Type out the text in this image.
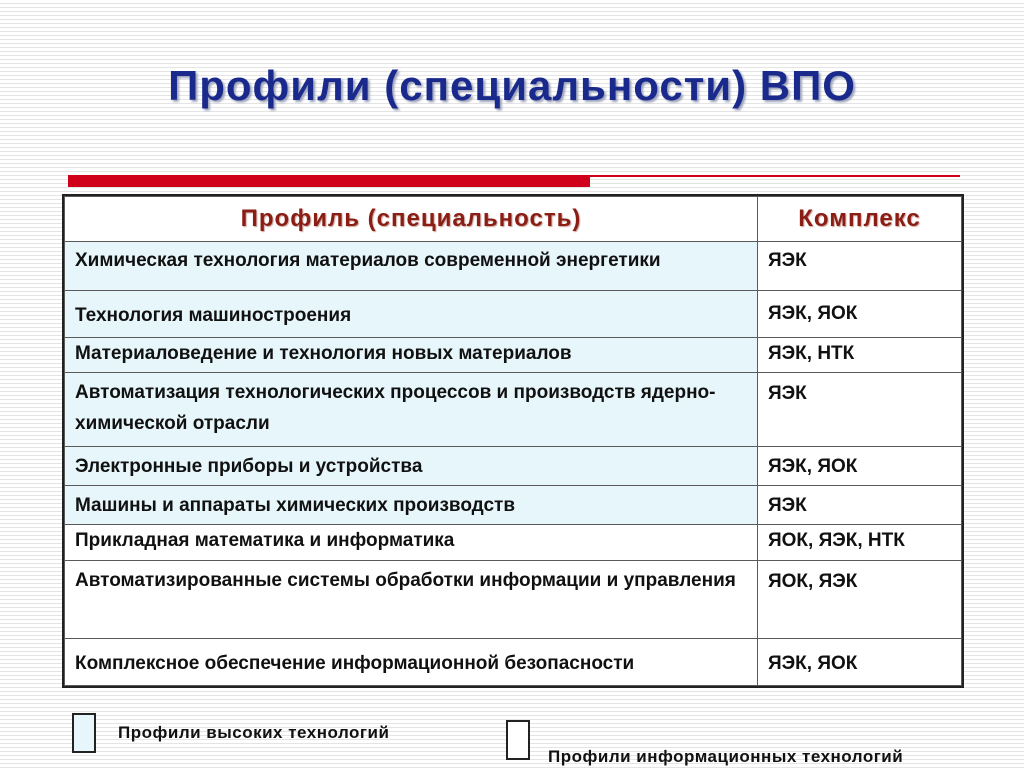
Профили (специальности) ВПО
Профиль (специальность)	Комплекс
Химическая технология материалов современной энергетики	ЯЭК
Технология машиностроения	ЯЭК, ЯОК
Материаловедение и технология новых материалов	ЯЭК, НТК
Автоматизация технологических процессов и производств ядерно-химической отрасли	ЯЭК
Электронные приборы и устройства	ЯЭК, ЯОК
Машины и аппараты химических производств	ЯЭК
Прикладная математика и информатика	ЯОК, ЯЭК, НТК
Автоматизированные системы обработки информации и управления	ЯОК, ЯЭК
Комплексное обеспечение информационной безопасности	ЯЭК, ЯОК
Профили высоких технологий
Профили информационных технологий
